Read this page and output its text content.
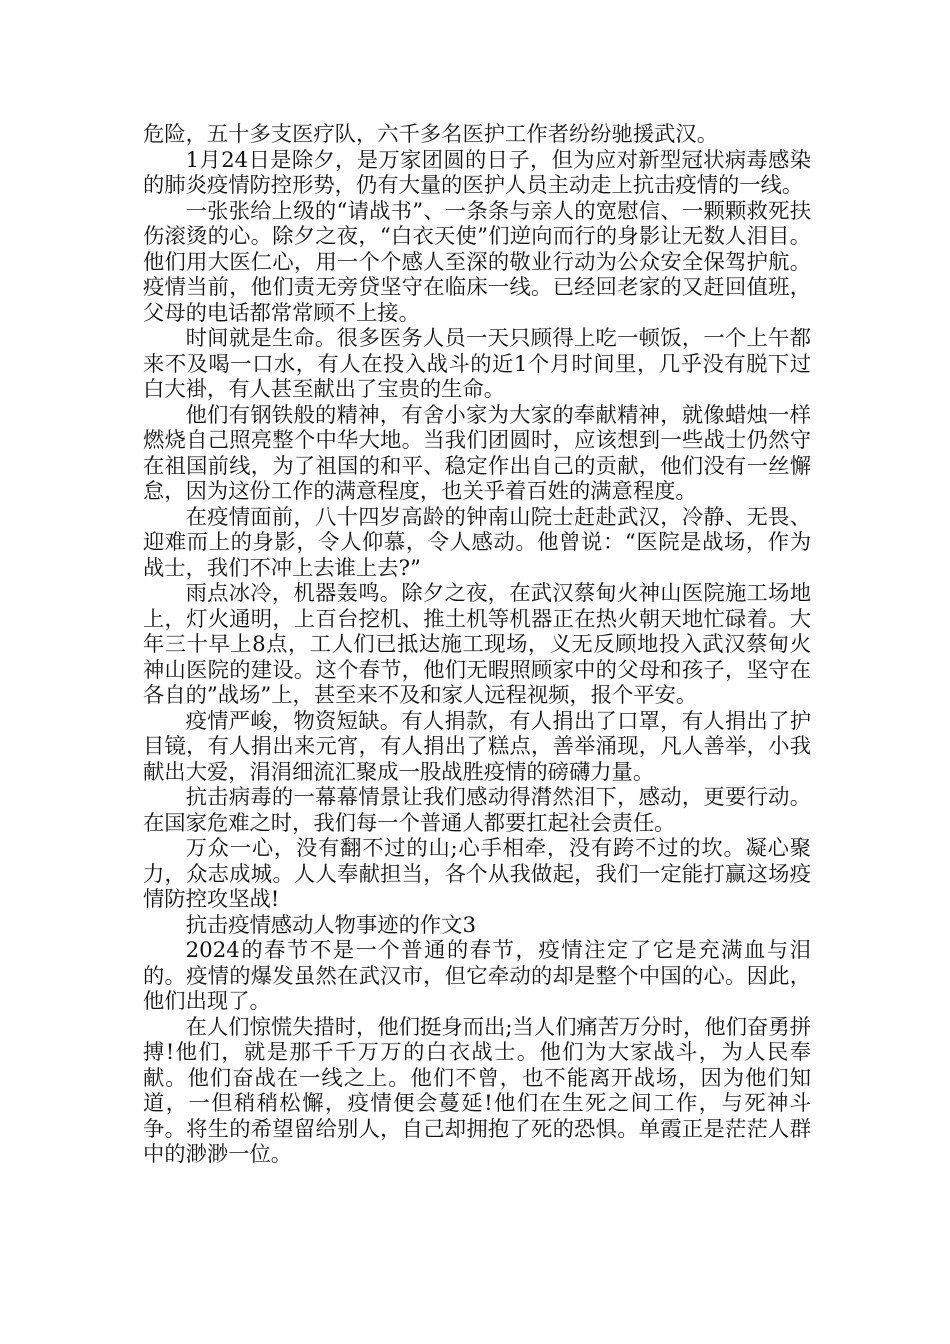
危险，五十多支医疗队，六千多名医护工作者纷纷驰援武汉。

1月24日是除夕，是万家团圆的日子，但为应对新型冠状病毒感染的肺炎疫情防控形势，仍有大量的医护人员主动走上抗击疫情的一线。

一张张给上级的“请战书”、一条条与亲人的宽慰信、一颗颗救死扶伤滚烫的心。除夕之夜，“白衣天使”们逆向而行的身影让无数人泪目。他们用大医仁心，用一个个感人至深的敬业行动为公众安全保驾护航。疫情当前，他们责无旁贷坚守在临床一线。已经回老家的又赶回值班，父母的电话都常常顾不上接。

时间就是生命。很多医务人员一天只顾得上吃一顿饭，一个上午都来不及喝一口水，有人在投入战斗的近1个月时间里，几乎没有脱下过白大褂，有人甚至献出了宝贵的生命。

他们有钢铁般的精神，有舍小家为大家的奉献精神，就像蜡烛一样燃烧自己照亮整个中华大地。当我们团圆时，应该想到一些战士仍然守在祖国前线，为了祖国的和平、稳定作出自己的贡献，他们没有一丝懈怠，因为这份工作的满意程度，也关乎着百姓的满意程度。

在疫情面前，八十四岁高龄的钟南山院士赶赴武汉，冷静、无畏、迎难而上的身影，令人仰慕，令人感动。他曾说：“医院是战场，作为战士，我们不冲上去谁上去?”

雨点冰冷，机器轰鸣。除夕之夜，在武汉蔡甸火神山医院施工场地上，灯火通明，上百台挖机、推土机等机器正在热火朝天地忙碌着。大年三十早上8点，工人们已抵达施工现场，义无反顾地投入武汉蔡甸火神山医院的建设。这个春节，他们无暇照顾家中的父母和孩子，坚守在各自的”战场”上，甚至来不及和家人远程视频，报个平安。

疫情严峻，物资短缺。有人捐款，有人捐出了口罩，有人捐出了护目镜，有人捐出来元宵，有人捐出了糕点，善举涌现，凡人善举，小我献出大爱，涓涓细流汇聚成一股战胜疫情的磅礴力量。

抗击病毒的一幕幕情景让我们感动得潸然泪下，感动，更要行动。在国家危难之时，我们每一个普通人都要扛起社会责任。

万众一心，没有翻不过的山;心手相牵，没有跨不过的坎。凝心聚力，众志成城。人人奉献担当，各个从我做起，我们一定能打赢这场疫情防控攻坚战!

抗击疫情感动人物事迹的作文3

2024的春节不是一个普通的春节，疫情注定了它是充满血与泪的。疫情的爆发虽然在武汉市，但它牵动的却是整个中国的心。因此，他们出现了。

在人们惊慌失措时，他们挺身而出;当人们痛苦万分时，他们奋勇拼搏!他们，就是那千千万万的白衣战士。他们为大家战斗，为人民奉献。他们奋战在一线之上。他们不曾，也不能离开战场，因为他们知道，一但稍稍松懈，疫情便会蔓延!他们在生死之间工作，与死神斗争。将生的希望留给别人，自己却拥抱了死的恐惧。单霞正是茫茫人群中的渺渺一位。
